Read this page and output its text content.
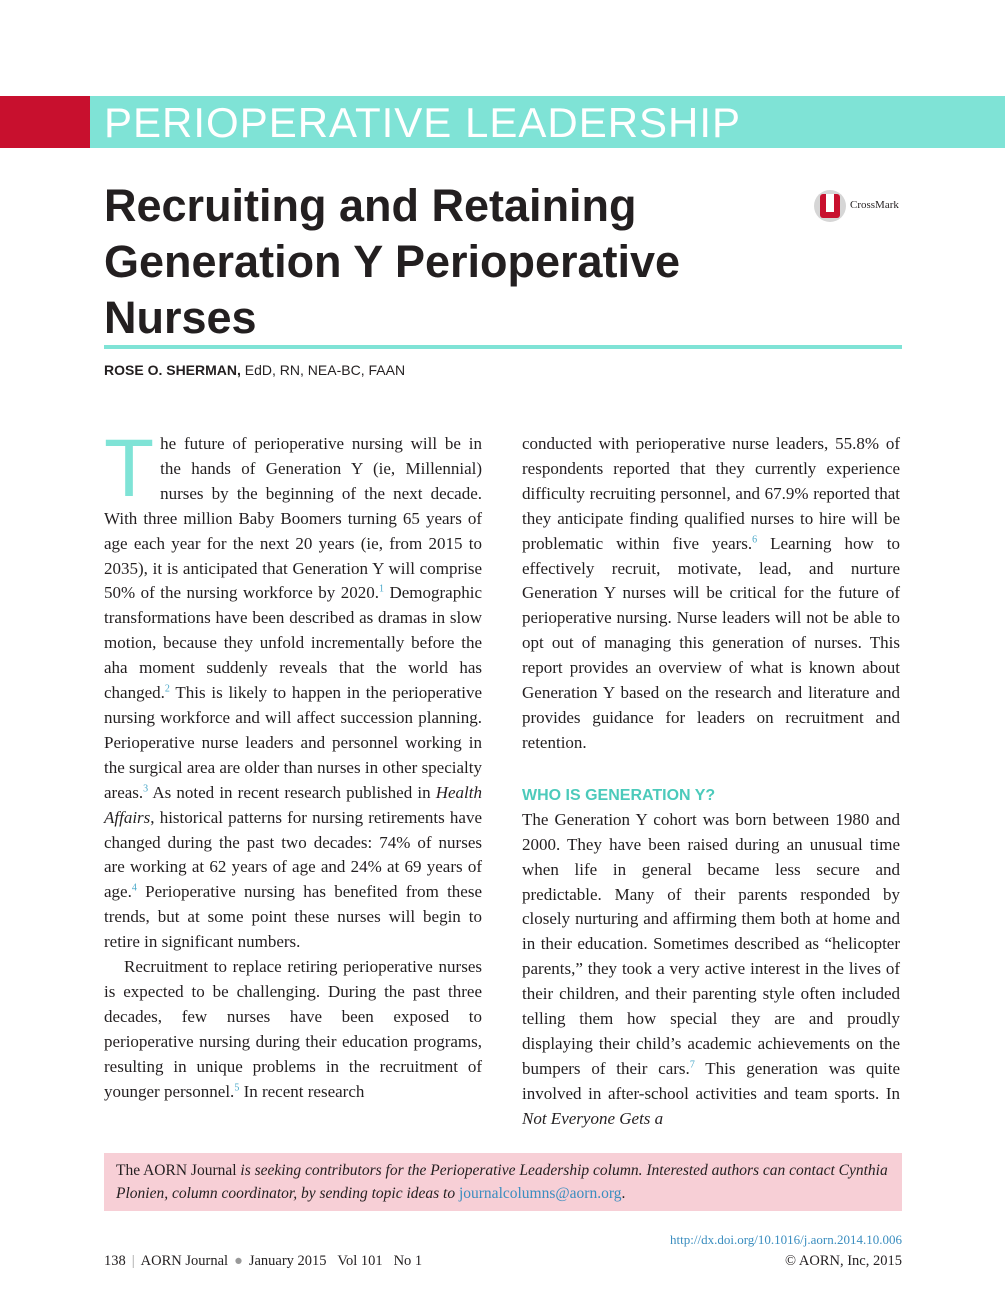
PERIOPERATIVE LEADERSHIP
Recruiting and Retaining Generation Y Perioperative Nurses
CrossMark
ROSE O. SHERMAN, EdD, RN, NEA-BC, FAAN

The future of perioperative nursing will be in the hands of Generation Y (ie, Millennial) nurses by the beginning of the next decade. With three million Baby Boomers turning 65 years of age each year for the next 20 years (ie, from 2015 to 2035), it is anticipated that Generation Y will comprise 50% of the nursing workforce by 2020.$^1$ Demographic transformations have been described as dramas in slow motion, because they unfold incrementally before the aha moment suddenly reveals that the world has changed.$^2$ This is likely to happen in the perioperative nursing workforce and will affect succession planning. Perioperative nurse leaders and personnel working in the surgical area are older than nurses in other specialty areas.$^3$ As noted in recent research published in Health Affairs, historical patterns for nursing retirements have changed during the past two decades: 74% of nurses are working at 62 years of age and 24% at 69 years of age.$^4$ Perioperative nursing has benefited from these trends, but at some point these nurses will begin to retire in significant numbers.

Recruitment to replace retiring perioperative nurses is expected to be challenging. During the past three decades, few nurses have been exposed to perioperative nursing during their education programs, resulting in unique problems in the recruitment of younger personnel.$^5$ In recent research

conducted with perioperative nurse leaders, 55.8% of respondents reported that they currently experience difficulty recruiting personnel, and 67.9% reported that they anticipate finding qualified nurses to hire will be problematic within five years.$^6$ Learning how to effectively recruit, motivate, lead, and nurture Generation Y nurses will be critical for the future of perioperative nursing. Nurse leaders will not be able to opt out of managing this generation of nurses. This report provides an overview of what is known about Generation Y based on the research and literature and provides guidance for leaders on recruitment and retention.

WHO IS GENERATION Y?

The Generation Y cohort was born between 1980 and 2000. They have been raised during an unusual time when life in general became less secure and predictable. Many of their parents responded by closely nurturing and affirming them both at home and in their education. Sometimes described as “helicopter parents,” they took a very active interest in the lives of their children, and their parenting style often included telling them how special they are and proudly displaying their child’s academic achievements on the bumpers of their cars.$^7$ This generation was quite involved in after-school activities and team sports. In Not Everyone Gets a

The AORN Journal is seeking contributors for the Perioperative Leadership column. Interested authors can contact Cynthia Plonien, column coordinator, by sending topic ideas to journalcolumns@aorn.org.
http://dx.doi.org/10.1016/j.aorn.2014.10.006
138 | AORN Journal ● January 2015 Vol 101 No 1	© AORN, Inc, 2015
